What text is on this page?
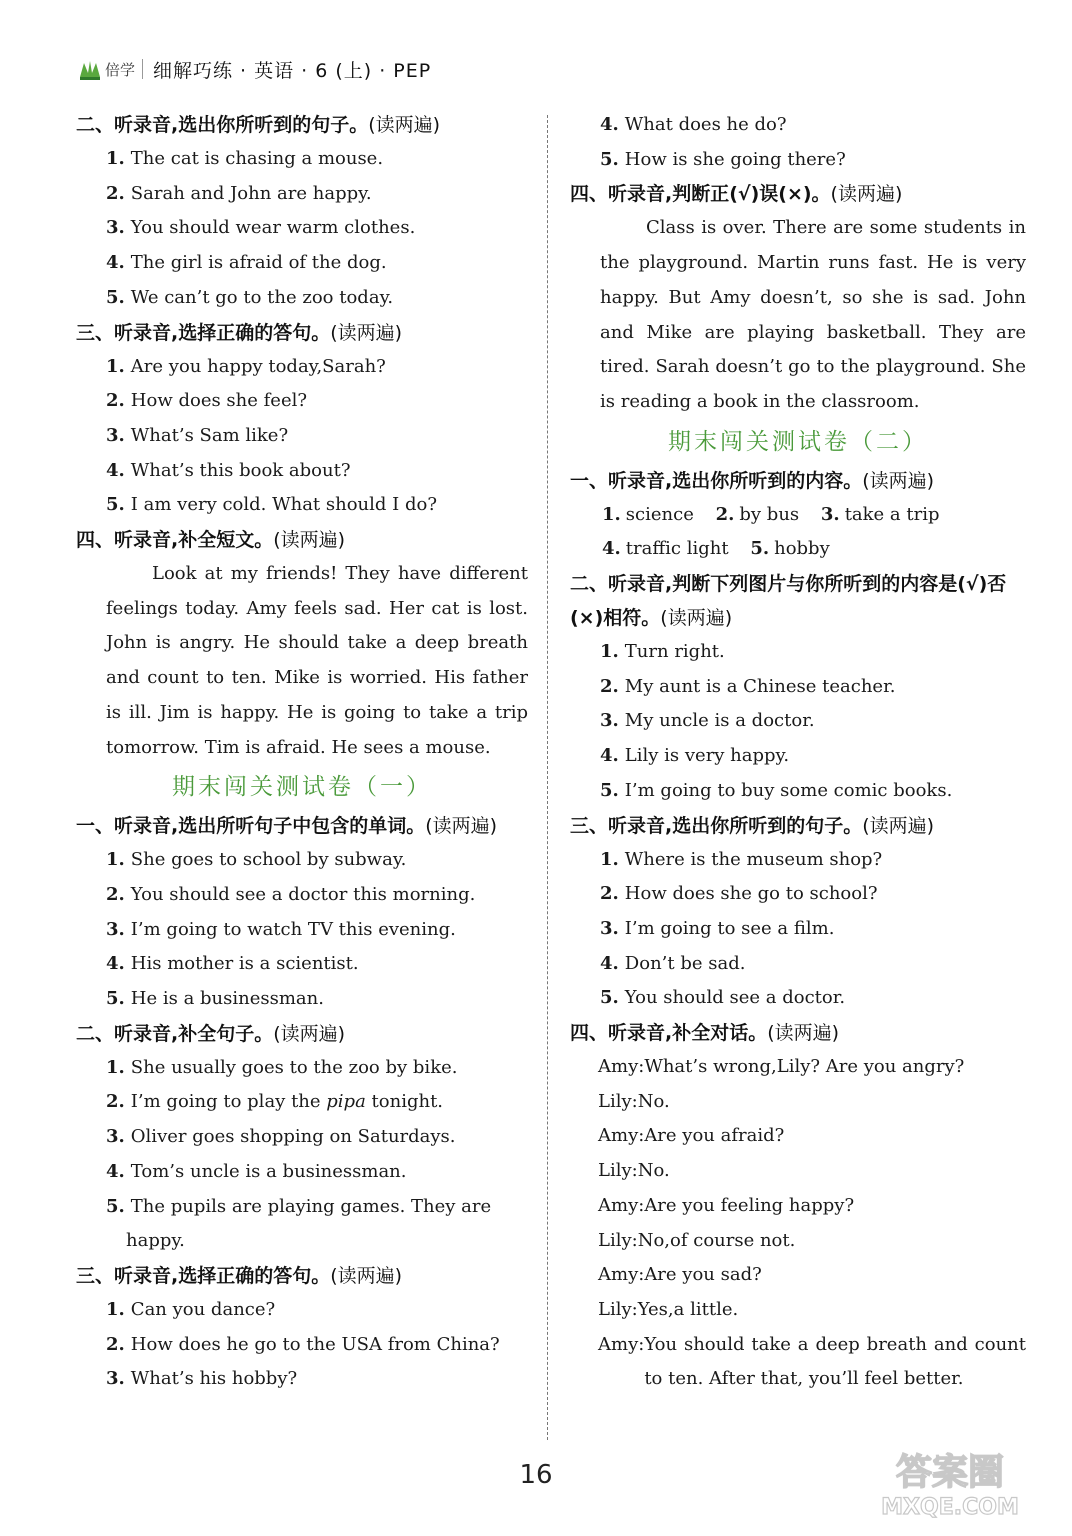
倍学 细解巧练 · 英语 · 6 (上) · PEP
二、听录音,选出你所听到的句子。(读两遍)
1. The cat is chasing a mouse.
2. Sarah and John are happy.
3. You should wear warm clothes.
4. The girl is afraid of the dog.
5. We can’t go to the zoo today.
三、听录音,选择正确的答句。(读两遍)
1. Are you happy today,Sarah?
2. How does she feel?
3. What’s Sam like?
4. What’s this book about?
5. I am very cold. What should I do?
四、听录音,补全短文。(读两遍)
Look at my friends! They have different feelings today. Amy feels sad. Her cat is lost. John is angry. He should take a deep breath and count to ten. Mike is worried. His father is ill. Jim is happy. He is going to take a trip tomorrow. Tim is afraid. He sees a mouse.
期末闯关测试卷（一）
一、听录音,选出所听句子中包含的单词。(读两遍)
1. She goes to school by subway.
2. You should see a doctor this morning.
3. I’m going to watch TV this evening.
4. His mother is a scientist.
5. He is a businessman.
二、听录音,补全句子。(读两遍)
1. She usually goes to the zoo by bike.
2. I’m going to play the pipa tonight.
3. Oliver goes shopping on Saturdays.
4. Tom’s uncle is a businessman.
5. The pupils are playing games. They are happy.
三、听录音,选择正确的答句。(读两遍)
1. Can you dance?
2. How does he go to the USA from China?
3. What’s his hobby?
4. What does he do?
5. How is she going there?
四、听录音,判断正(√)误(×)。(读两遍)
Class is over. There are some students in the playground. Martin runs fast. He is very happy. But Amy doesn’t, so she is sad. John and Mike are playing basketball. They are tired. Sarah doesn’t go to the playground. She is reading a book in the classroom.
期末闯关测试卷（二）
一、听录音,选出你所听到的内容。(读两遍)
1. science 2. by bus 3. take a trip
4. traffic light 5. hobby
二、听录音,判断下列图片与你所听到的内容是(√)否(×)相符。(读两遍)
1. Turn right.
2. My aunt is a Chinese teacher.
3. My uncle is a doctor.
4. Lily is very happy.
5. I’m going to buy some comic books.
三、听录音,选出你所听到的句子。(读两遍)
1. Where is the museum shop?
2. How does she go to school?
3. I’m going to see a film.
4. Don’t be sad.
5. You should see a doctor.
四、听录音,补全对话。(读两遍)
Amy: What’s wrong,Lily? Are you angry?
Lily: No.
Amy: Are you afraid?
Lily: No.
Amy: Are you feeling happy?
Lily: No,of course not.
Amy: Are you sad?
Lily: Yes,a little.
Amy: You should take a deep breath and count to ten. After that, you’ll feel better.
16	答案圈
MXQE.COM
